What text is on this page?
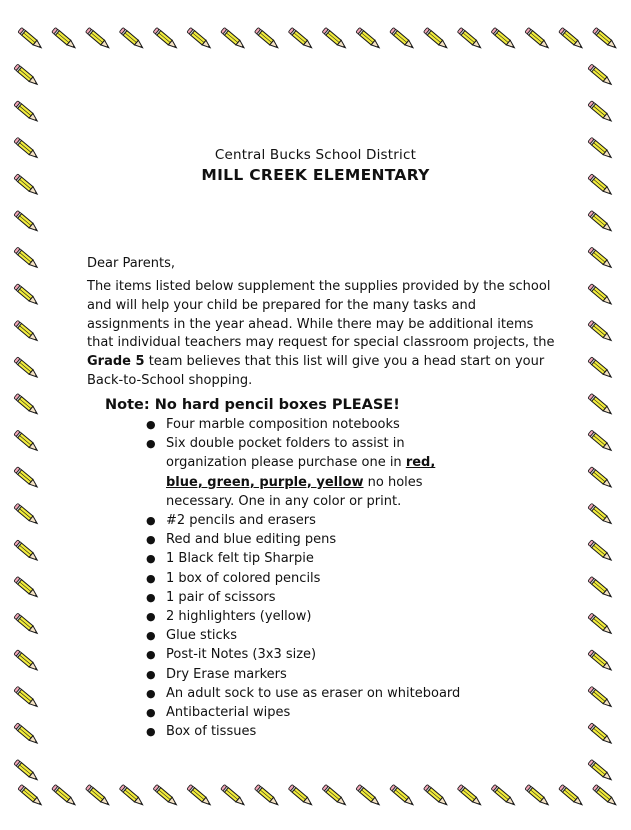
Central Bucks School District
MILL CREEK ELEMENTARY
Dear Parents,

The items listed below supplement the supplies provided by the school and will help your child be prepared for the many tasks and assignments in the year ahead. While there may be additional items that individual teachers may request for special classroom projects, the Grade 5 team believes that this list will give you a head start on your Back-to-School shopping.

Note: No hard pencil boxes PLEASE!
● Four marble composition notebooks
● Six double pocket folders to assist in organization please purchase one in red, blue, green, purple, yellow no holes necessary. One in any color or print.
● #2 pencils and erasers
● Red and blue editing pens
● 1 Black felt tip Sharpie
● 1 box of colored pencils
● 1 pair of scissors
● 2 highlighters (yellow)
● Glue sticks
● Post-it Notes (3x3 size)
● Dry Erase markers
● An adult sock to use as eraser on whiteboard
● Antibacterial wipes
● Box of tissues
